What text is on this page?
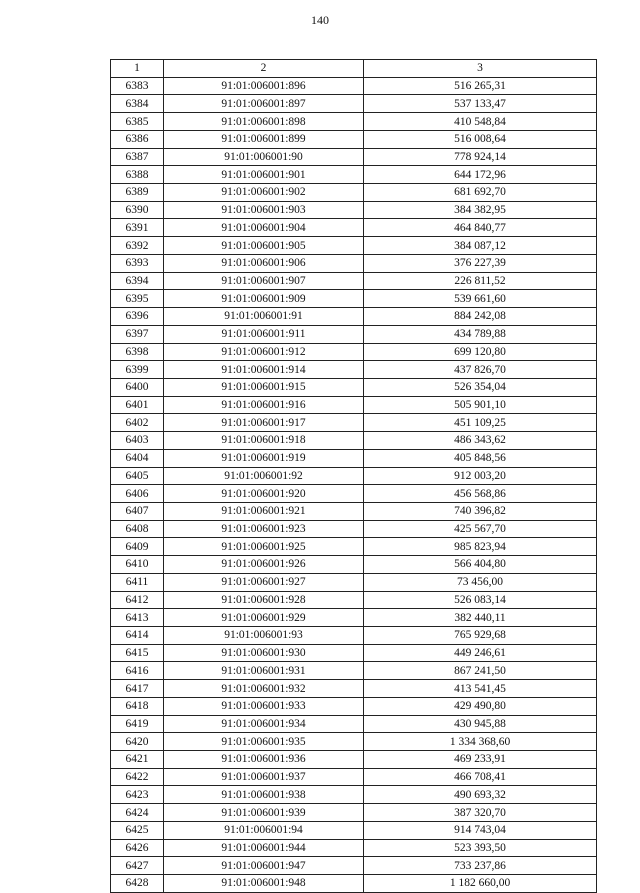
140
1	2	3
6383	91:01:006001:896	516 265,31
6384	91:01:006001:897	537 133,47
6385	91:01:006001:898	410 548,84
6386	91:01:006001:899	516 008,64
6387	91:01:006001:90	778 924,14
6388	91:01:006001:901	644 172,96
6389	91:01:006001:902	681 692,70
6390	91:01:006001:903	384 382,95
6391	91:01:006001:904	464 840,77
6392	91:01:006001:905	384 087,12
6393	91:01:006001:906	376 227,39
6394	91:01:006001:907	226 811,52
6395	91:01:006001:909	539 661,60
6396	91:01:006001:91	884 242,08
6397	91:01:006001:911	434 789,88
6398	91:01:006001:912	699 120,80
6399	91:01:006001:914	437 826,70
6400	91:01:006001:915	526 354,04
6401	91:01:006001:916	505 901,10
6402	91:01:006001:917	451 109,25
6403	91:01:006001:918	486 343,62
6404	91:01:006001:919	405 848,56
6405	91:01:006001:92	912 003,20
6406	91:01:006001:920	456 568,86
6407	91:01:006001:921	740 396,82
6408	91:01:006001:923	425 567,70
6409	91:01:006001:925	985 823,94
6410	91:01:006001:926	566 404,80
6411	91:01:006001:927	73 456,00
6412	91:01:006001:928	526 083,14
6413	91:01:006001:929	382 440,11
6414	91:01:006001:93	765 929,68
6415	91:01:006001:930	449 246,61
6416	91:01:006001:931	867 241,50
6417	91:01:006001:932	413 541,45
6418	91:01:006001:933	429 490,80
6419	91:01:006001:934	430 945,88
6420	91:01:006001:935	1 334 368,60
6421	91:01:006001:936	469 233,91
6422	91:01:006001:937	466 708,41
6423	91:01:006001:938	490 693,32
6424	91:01:006001:939	387 320,70
6425	91:01:006001:94	914 743,04
6426	91:01:006001:944	523 393,50
6427	91:01:006001:947	733 237,86
6428	91:01:006001:948	1 182 660,00
